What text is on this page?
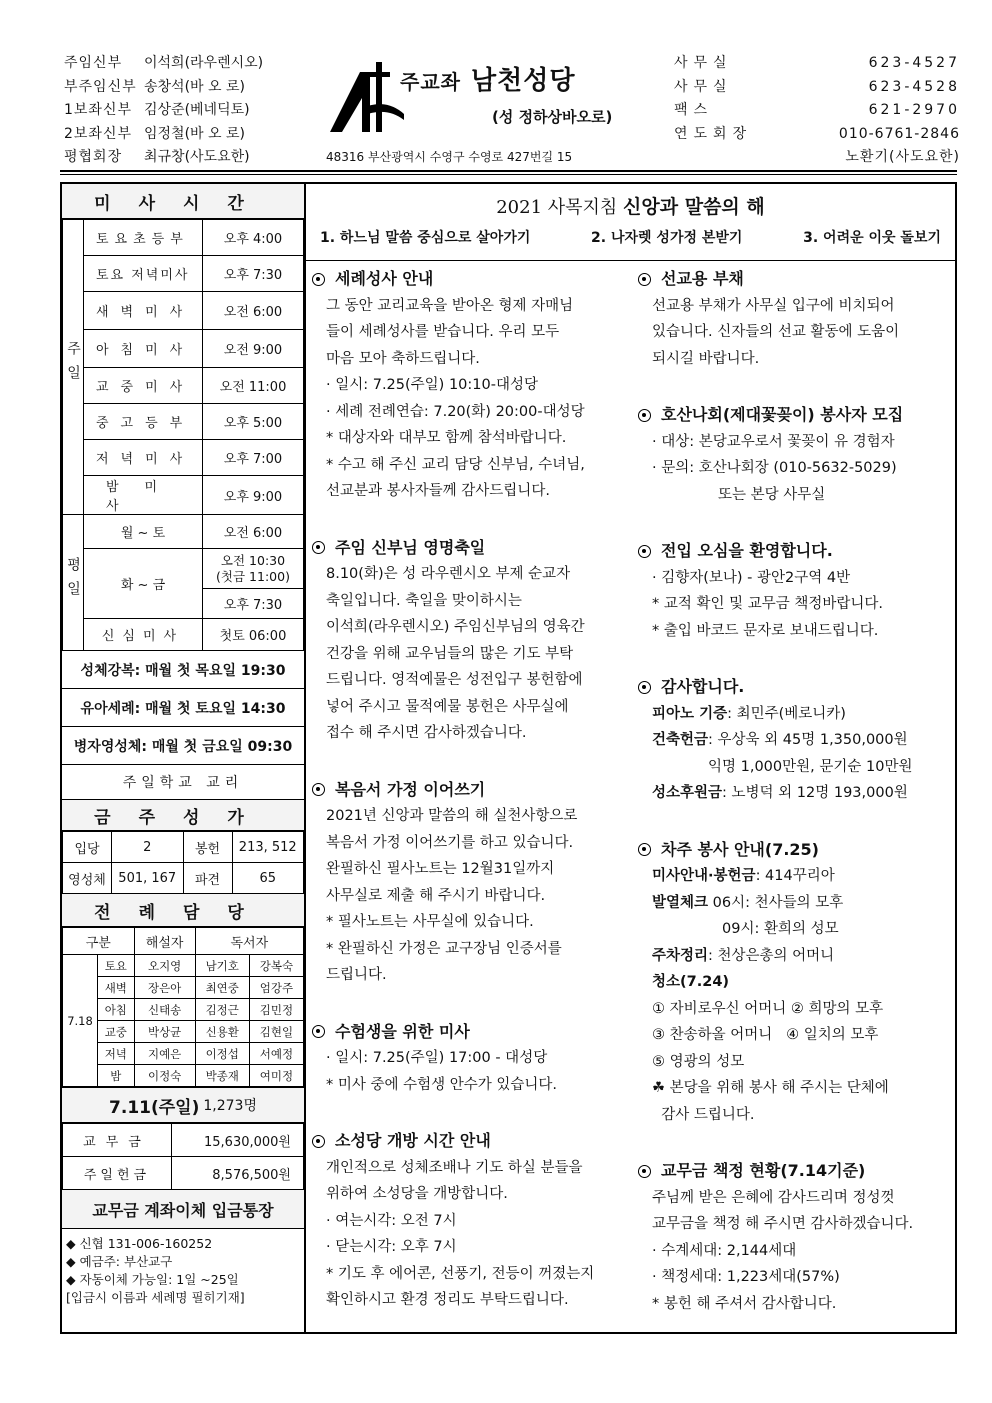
주임신부	이석희(라우렌시오)
부주임신부 송창석(바 오 로)
1보좌신부 김상준(베네딕토)
2보좌신부 임정철(바 오 로)
평협회장	최규창(사도요한)
주교좌 남천성당
(성 정하상바오로)
48316 부산광역시 수영구 수영로 427번길 15
사무실	623-4527
사무실	623-4528
팩스	621-2970
연도회장	010-6761-2846
노환기(사도요한)
미사시간
주일	토요초등부	오후 4:00
	토요 저녁미사	오후 7:30
	새벽미사	오전 6:00
	아침미사	오전 9:00
	교중미사	오전 11:00
	중고등부	오후 5:00
	저녁미사	오후 7:00
	밤미사	오후 9:00
평일	월 ~ 토	오전 6:00
	화 ~ 금	오전 10:30
(첫금 11:00)
		오후 7:30
	신심미사	첫토 06:00
성체강복: 매월 첫 목요일 19:30
유아세례: 매월 첫 토요일 14:30
병자영성체: 매월 첫 금요일 09:30
주일학교 교리
금주성가
입당	2	봉헌	213, 512
영성체	501, 167	파견	65
전례담당
구분		해설자	독서자	
7.18	토요	오지영	남기호	강복숙
	새벽	장은아	최연중	엄강주
	아침	신태송	김정근	김민정
	교중	박상균	신용환	김현일
	저녁	지예은	이정섭	서예정
	밤	이정숙	박종재	여미정
7.11(주일) 1,273명
교무금	15,630,000원
주일헌금	8,576,500원
교무금 계좌이체 입금통장
◆ 신협 131-006-160252
◆ 예금주: 부산교구
◆ 자동이체 가능일: 1일 ~25일
[입금시 이름과 세례명 필히기재]
2021 사목지침 신앙과 말씀의 해
1. 하느님 말씀 중심으로 살아가기	2. 나자렛 성가정 본받기	3. 어려운 이웃 돌보기
세례성사 안내
그 동안 교리교육을 받아온 형제 자매님
들이 세례성사를 받습니다. 우리 모두
마음 모아 축하드립니다.
· 일시: 7.25(주일) 10:10-대성당
· 세례 전례연습: 7.20(화) 20:00-대성당
* 대상자와 대부모 함께 참석바랍니다.
* 수고 해 주신 교리 담당 신부님, 수녀님,
선교분과 봉사자들께 감사드립니다.
주임 신부님 영명축일
8.10(화)은 성 라우렌시오 부제 순교자
축일입니다. 축일을 맞이하시는
이석희(라우렌시오) 주임신부님의 영육간
건강을 위해 교우님들의 많은 기도 부탁
드립니다. 영적예물은 성전입구 봉헌함에
넣어 주시고 물적예물 봉헌은 사무실에
접수 해 주시면 감사하겠습니다.
복음서 가정 이어쓰기
2021년 신앙과 말씀의 해 실천사항으로
복음서 가정 이어쓰기를 하고 있습니다.
완필하신 필사노트는 12월31일까지
사무실로 제출 해 주시기 바랍니다.
* 필사노트는 사무실에 있습니다.
* 완필하신 가정은 교구장님 인증서를
드립니다.
수험생을 위한 미사
· 일시: 7.25(주일) 17:00 - 대성당
* 미사 중에 수험생 안수가 있습니다.
소성당 개방 시간 안내
개인적으로 성체조배나 기도 하실 분들을
위하여 소성당을 개방합니다.
· 여는시각: 오전 7시
· 닫는시각: 오후 7시
* 기도 후 에어콘, 선풍기, 전등이 꺼졌는지
확인하시고 환경 정리도 부탁드립니다.
선교용 부채
선교용 부채가 사무실 입구에 비치되어
있습니다. 신자들의 선교 활동에 도움이
되시길 바랍니다.
호산나회(제대꽃꽂이) 봉사자 모집
· 대상: 본당교우로서 꽃꽂이 유 경험자
· 문의: 호산나회장 (010-5632-5029)
또는 본당 사무실
전입 오심을 환영합니다.
· 김향자(보나) - 광안2구역 4반
* 교적 확인 및 교무금 책정바랍니다.
* 출입 바코드 문자로 보내드립니다.
감사합니다.
피아노 기증: 최민주(베로니카)
건축헌금: 우상욱 외 45명 1,350,000원
익명 1,000만원, 문기순 10만원
성소후원금: 노병덕 외 12명 193,000원
차주 봉사 안내(7.25)
미사안내·봉헌금: 414꾸리아
발열체크 06시: 천사들의 모후
09시: 환희의 성모
주차정리: 천상은총의 어머니
청소(7.24)
① 자비로우신 어머니 ② 희망의 모후
③ 찬송하올 어머니   ④ 일치의 모후
⑤ 영광의 성모
☘ 본당을 위해 봉사 해 주시는 단체에
감사 드립니다.
교무금 책정 현황(7.14기준)
주님께 받은 은혜에 감사드리며 정성껏
교무금을 책정 해 주시면 감사하겠습니다.
· 수계세대: 2,144세대
· 책정세대: 1,223세대(57%)
* 봉헌 해 주셔서 감사합니다.
